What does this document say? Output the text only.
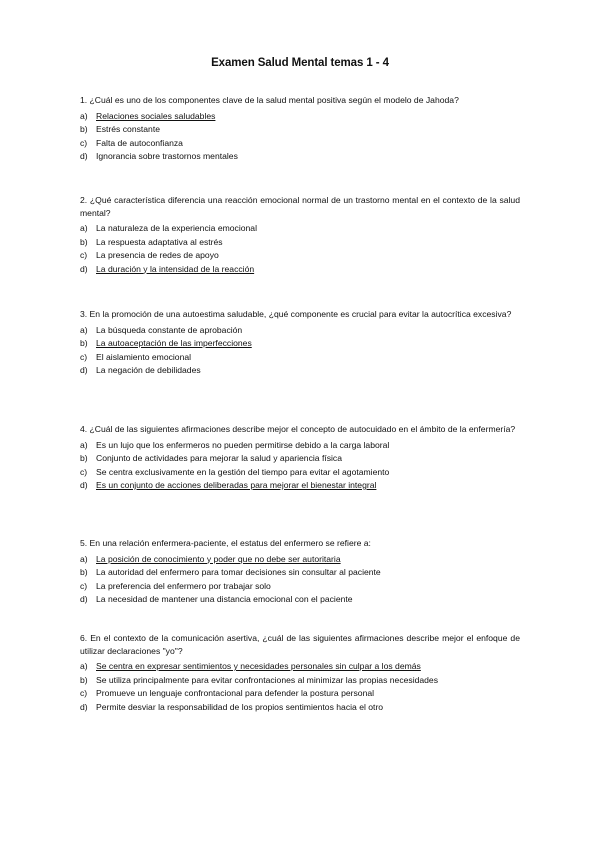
Examen Salud Mental temas 1 - 4
1. ¿Cuál es uno de los componentes clave de la salud mental positiva según el modelo de Jahoda?
a) Relaciones sociales saludables
b) Estrés constante
c)	Falta de autoconfianza
d) Ignorancia sobre trastornos mentales
2. ¿Qué característica diferencia una reacción emocional normal de un trastorno mental en el contexto de la salud mental?
a) La naturaleza de la experiencia emocional
b) La respuesta adaptativa al estrés
c)	La presencia de redes de apoyo
d) La duración y la intensidad de la reacción
3. En la promoción de una autoestima saludable, ¿qué componente es crucial para evitar la autocrítica excesiva?
a) La búsqueda constante de aprobación
b) La autoaceptación de las imperfecciones
c)	El aislamiento emocional
d) La negación de debilidades
4. ¿Cuál de las siguientes afirmaciones describe mejor el concepto de autocuidado en el ámbito de la enfermería?
a) Es un lujo que los enfermeros no pueden permitirse debido a la carga laboral
b) Conjunto de actividades para mejorar la salud y apariencia física
c)	Se centra exclusivamente en la gestión del tiempo para evitar el agotamiento
d) Es un conjunto de acciones deliberadas para mejorar el bienestar integral
5. En una relación enfermera-paciente, el estatus del enfermero se refiere a:
a) La posición de conocimiento y poder que no debe ser autoritaria
b) La autoridad del enfermero para tomar decisiones sin consultar al paciente
c)	La preferencia del enfermero por trabajar solo
d) La necesidad de mantener una distancia emocional con el paciente
6. En el contexto de la comunicación asertiva, ¿cuál de las siguientes afirmaciones describe mejor el enfoque de utilizar declaraciones "yo"?
a) Se centra en expresar sentimientos y necesidades personales sin culpar a los demás
b) Se utiliza principalmente para evitar confrontaciones al minimizar las propias necesidades
c)	Promueve un lenguaje confrontacional para defender la postura personal
d) Permite desviar la responsabilidad de los propios sentimientos hacia el otro
